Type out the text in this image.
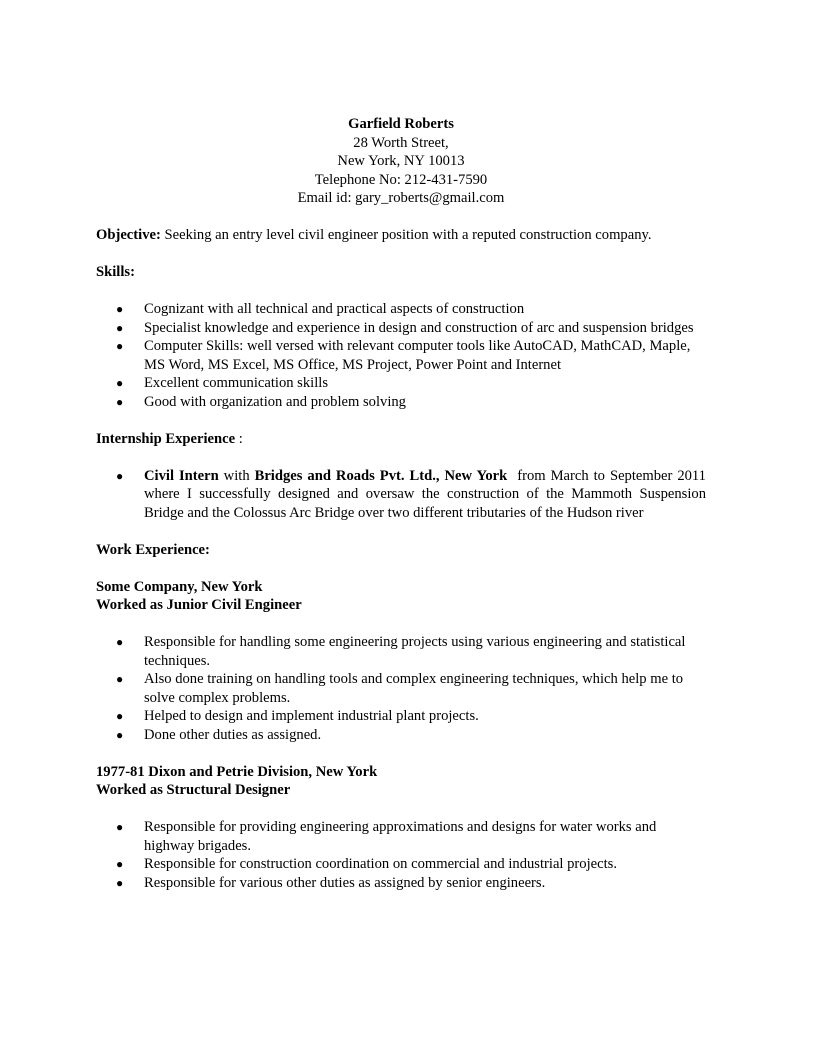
Garfield Roberts
28 Worth Street,
New York, NY 10013
Telephone No: 212-431-7590
Email id: gary_roberts@gmail.com

Objective: Seeking an entry level civil engineer position with a reputed construction company.

Skills:

● Cognizant with all technical and practical aspects of construction
● Specialist knowledge and experience in design and construction of arc and suspension bridges
● Computer Skills: well versed with relevant computer tools like AutoCAD, MathCAD, Maple, MS Word, MS Excel, MS Office, MS Project, Power Point and Internet
● Excellent communication skills
● Good with organization and problem solving

Internship Experience :

● Civil Intern with Bridges and Roads Pvt. Ltd., New York  from March to September 2011 where I successfully designed and oversaw the construction of the Mammoth Suspension Bridge and the Colossus Arc Bridge over two different tributaries of the Hudson river

Work Experience:

Some Company, New York

Worked as Junior Civil Engineer

● Responsible for handling some engineering projects using various engineering and statistical techniques.
● Also done training on handling tools and complex engineering techniques, which help me to solve complex problems.
● Helped to design and implement industrial plant projects.
● Done other duties as assigned.

1977-81 Dixon and Petrie Division, New York

Worked as Structural Designer

● Responsible for providing engineering approximations and designs for water works and highway brigades.
● Responsible for construction coordination on commercial and industrial projects.
● Responsible for various other duties as assigned by senior engineers.
